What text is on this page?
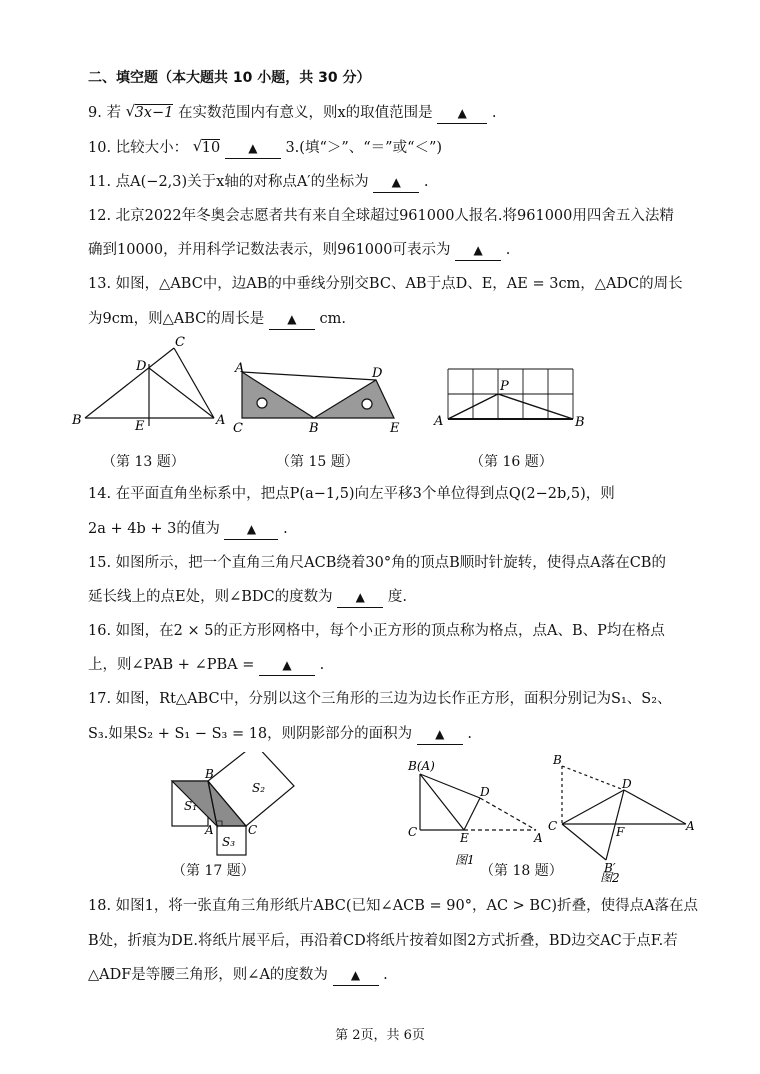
二、填空题（本大题共 10 小题，共 30 分）
9. 若 √ 3x−1 在实数范围内有意义，则x的取值范围是 ▲ .
10. 比较大小： √ 10 ▲ 3.(填“＞”、“＝”或“＜”)
11. 点A(−2,3)关于x轴的对称点A′的坐标为 ▲ .
12. 北京2022年冬奥会志愿者共有来自全球超过961000人报名.将961000用四舍五入法精
确到10000，并用科学记数法表示，则961000可表示为 ▲ .
13. 如图，△ABC中，边AB的中垂线分别交BC、AB于点D、E，AE = 3cm，△ADC的周长
为9cm，则△ABC的周长是 ▲ cm.
C
D
B	A
E
A	D
C	B	E
P
A	B
（第 13 题）	（第 15 题）	（第 16 题）
14. 在平面直角坐标系中，把点P(a−1,5)向左平移3个单位得到点Q(2−2b,5)，则
2a + 4b + 3的值为 ▲ .
15. 如图所示，把一个直角三角尺ACB绕着30°角的顶点B顺时针旋转，使得点A落在CB的
延长线上的点E处，则∠BDC的度数为 ▲ 度.
16. 如图，在2 × 5的正方形网格中，每个小正方形的顶点称为格点，点A、B、P均在格点
上，则∠PAB + ∠PBA = ▲ .
17. 如图，Rt△ABC中，分别以这个三角形的三边为边长作正方形，面积分别记为S₁、S₂、
S₃.如果S₂ + S₁ − S₃ = 18，则阴影部分的面积为 ▲ .
B
A	C
S₁
S₂
S₃
B(A)
D
C	E	A
图1
B
D
C	F	A
B′
图2
（第 17 题）	（第 18 题）
18. 如图1，将一张直角三角形纸片ABC(已知∠ACB = 90°，AC > BC)折叠，使得点A落在点
B处，折痕为DE.将纸片展平后，再沿着CD将纸片按着如图2方式折叠，BD边交AC于点F.若
△ADF是等腰三角形，则∠A的度数为 ▲ .
第 2页，共 6页
